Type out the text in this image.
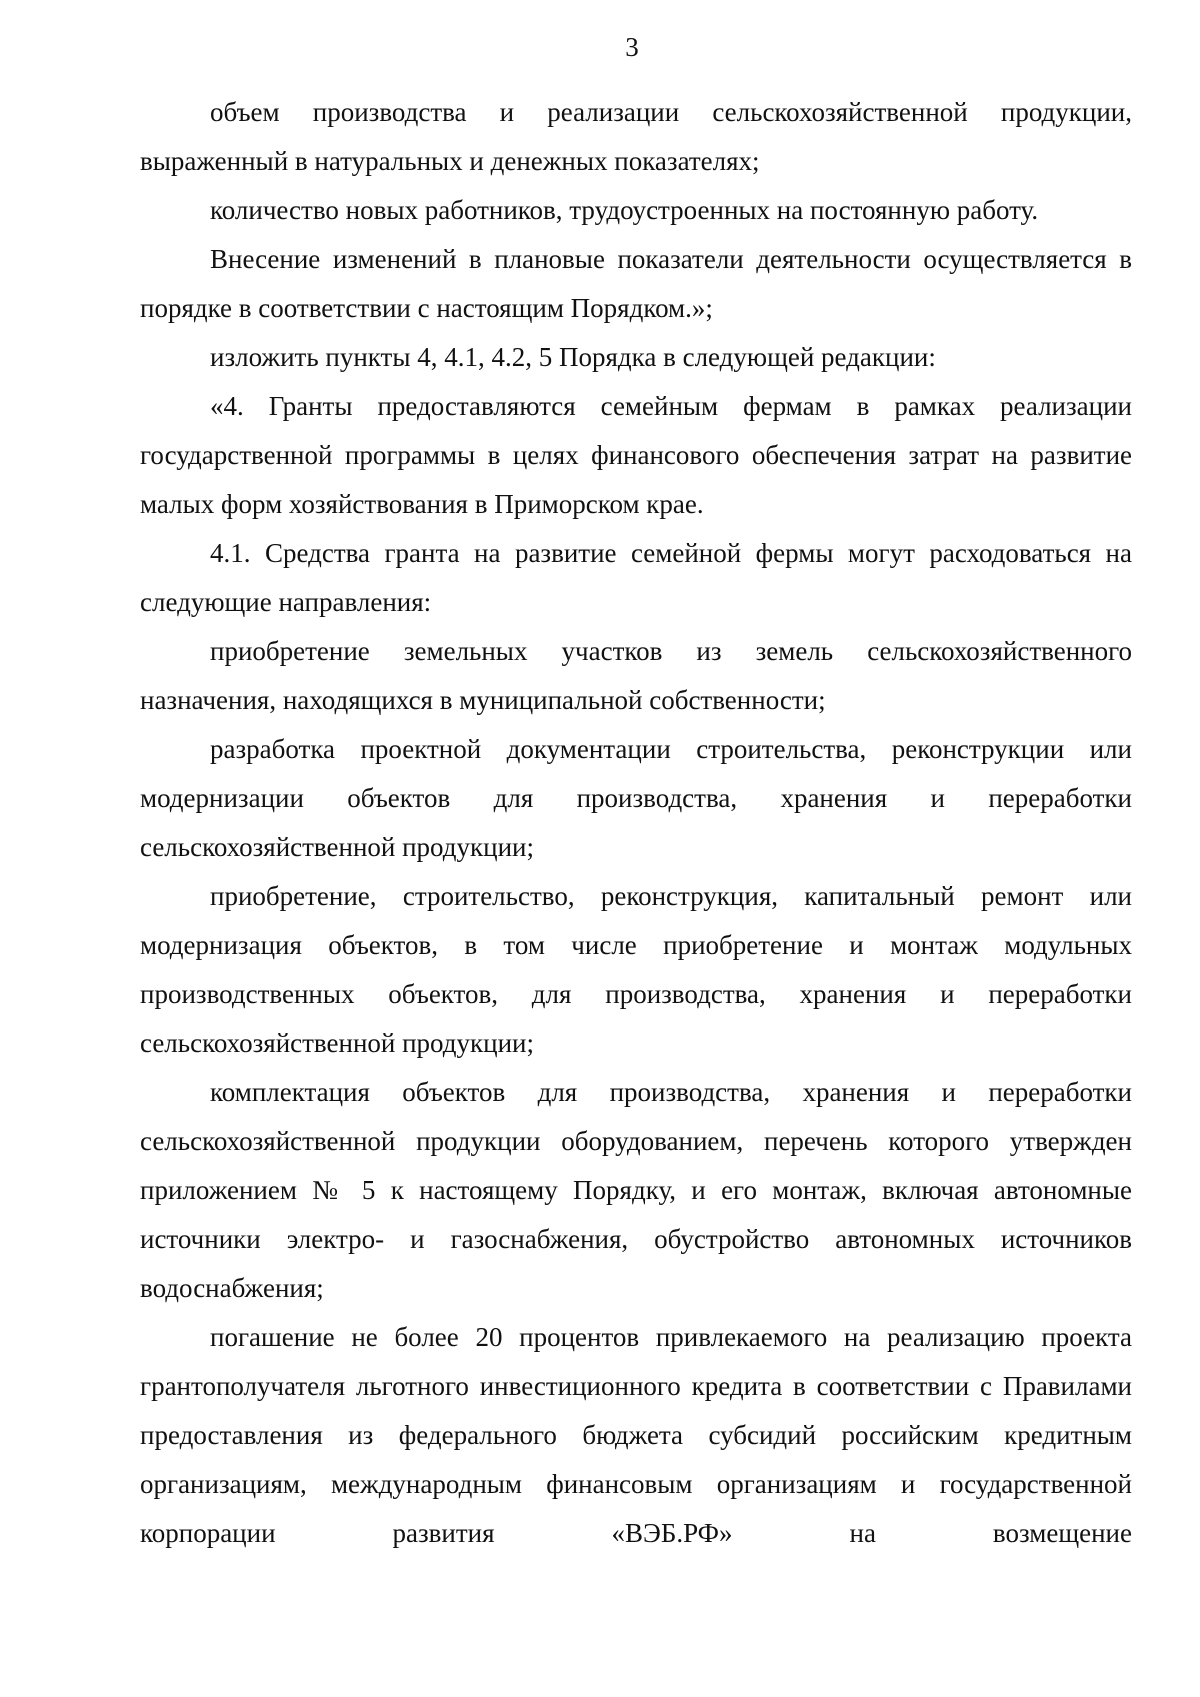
3

объем производства и реализации сельскохозяйственной продукции, выраженный в натуральных и денежных показателях;

количество новых работников, трудоустроенных на постоянную работу.

Внесение изменений в плановые показатели деятельности осуществляется в порядке в соответствии с настоящим Порядком.»;

изложить пункты 4, 4.1, 4.2, 5 Порядка в следующей редакции:

«4. Гранты предоставляются семейным фермам в рамках реализации государственной программы в целях финансового обеспечения затрат на развитие малых форм хозяйствования в Приморском крае.

4.1. Средства гранта на развитие семейной фермы могут расходоваться на следующие направления:

приобретение земельных участков из земель сельскохозяйственного назначения, находящихся в муниципальной собственности;

разработка проектной документации строительства, реконструкции или модернизации объектов для производства, хранения и переработки сельскохозяйственной продукции;

приобретение, строительство, реконструкция, капитальный ремонт или модернизация объектов, в том числе приобретение и монтаж модульных производственных объектов, для производства, хранения и переработки сельскохозяйственной продукции;

комплектация объектов для производства, хранения и переработки сельскохозяйственной продукции оборудованием, перечень которого утвержден приложением № 5 к настоящему Порядку, и его монтаж, включая автономные источники электро- и газоснабжения, обустройство автономных источников водоснабжения;

погашение не более 20 процентов привлекаемого на реализацию проекта грантополучателя льготного инвестиционного кредита в соответствии с Правилами предоставления из федерального бюджета субсидий российским кредитным организациям, международным финансовым организациям и государственной корпорации развития «ВЭБ.РФ» на возмещение
